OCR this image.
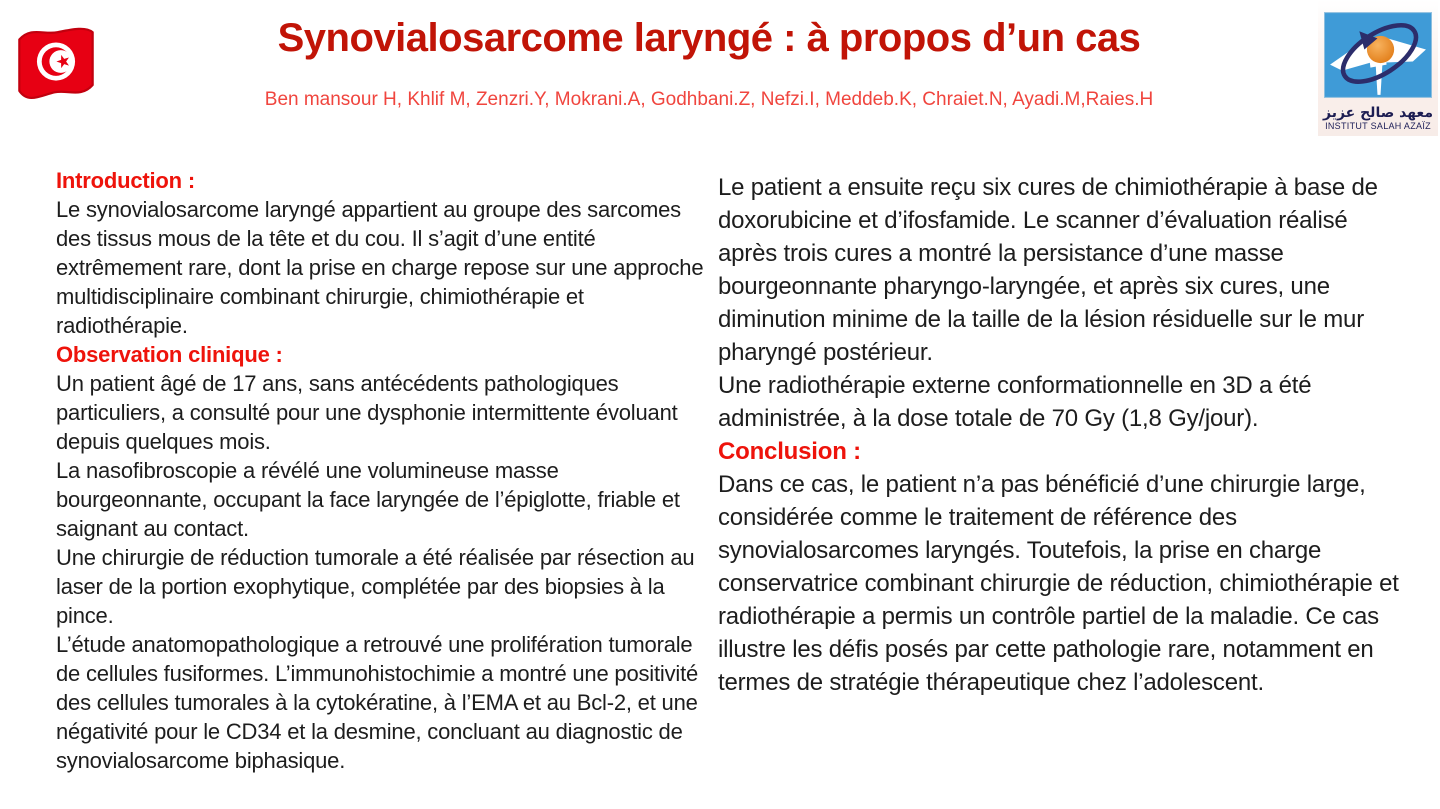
Synovialosarcome laryngé : à propos d’un cas
Ben mansour H, Khlif M, Zenzri.Y, Mokrani.A, Godhbani.Z, Nefzi.I, Meddeb.K, Chraiet.N, Ayadi.M,Raies.H
معهد صالح عزيز
INSTITUT SALAH AZAÏZ
Introduction :

Le synovialosarcome laryngé appartient au groupe des sarcomes des tissus mous de la tête et du cou. Il s’agit d’une entité extrêmement rare, dont la prise en charge repose sur une approche multidisciplinaire combinant chirurgie, chimiothérapie et radiothérapie.

Observation clinique :

Un patient âgé de 17 ans, sans antécédents pathologiques particuliers, a consulté pour une dysphonie intermittente évoluant depuis quelques mois.

La nasofibroscopie a révélé une volumineuse masse bourgeonnante, occupant la face laryngée de l’épiglotte, friable et saignant au contact.

Une chirurgie de réduction tumorale a été réalisée par résection au laser de la portion exophytique, complétée par des biopsies à la pince.

L’étude anatomopathologique a retrouvé une prolifération tumorale de cellules fusiformes. L’immunohistochimie a montré une positivité des cellules tumorales à la cytokératine, à l’EMA et au Bcl-2, et une négativité pour le CD34 et la desmine, concluant au diagnostic de synovialosarcome biphasique.

Le patient a ensuite reçu six cures de chimiothérapie à base de doxorubicine et d’ifosfamide. Le scanner d’évaluation réalisé après trois cures a montré la persistance d’une masse bourgeonnante pharyngo-laryngée, et après six cures, une diminution minime de la taille de la lésion résiduelle sur le mur pharyngé postérieur.

Une radiothérapie externe conformationnelle en 3D a été administrée, à la dose totale de 70 Gy (1,8 Gy/jour).

Conclusion :

Dans ce cas, le patient n’a pas bénéficié d’une chirurgie large, considérée comme le traitement de référence des synovialosarcomes laryngés. Toutefois, la prise en charge conservatrice combinant chirurgie de réduction, chimiothérapie et radiothérapie a permis un contrôle partiel de la maladie. Ce cas illustre les défis posés par cette pathologie rare, notamment en termes de stratégie thérapeutique chez l’adolescent.
